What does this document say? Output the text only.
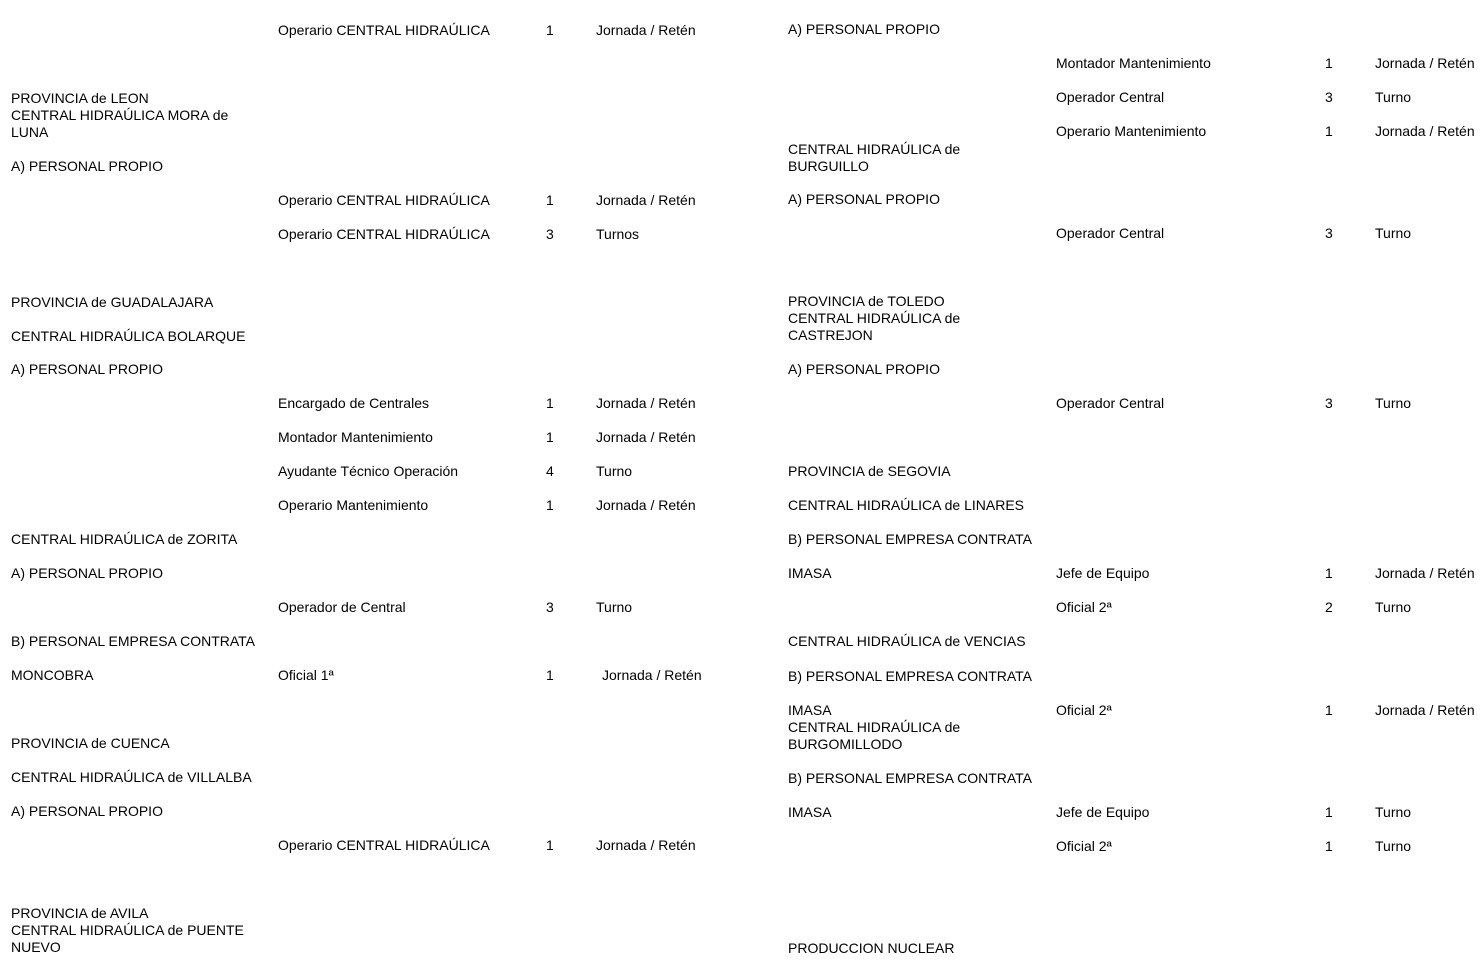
Operario CENTRAL HIDRAÚLICA	1	Jornada / Retén

PROVINCIA de LEON
CENTRAL HIDRAÚLICA MORA de
LUNA

A) PERSONAL PROPIO

Operario CENTRAL HIDRAÚLICA	1	Jornada / Retén

Operario CENTRAL HIDRAÚLICA	3	Turnos

PROVINCIA de GUADALAJARA

CENTRAL HIDRAÚLICA BOLARQUE

A) PERSONAL PROPIO

Encargado de Centrales	1	Jornada / Retén

Montador Mantenimiento	1	Jornada / Retén

Ayudante Técnico Operación	4	Turno

Operario Mantenimiento	1	Jornada / Retén

CENTRAL HIDRAÚLICA de ZORITA

A) PERSONAL PROPIO

Operador de Central	3	Turno

B) PERSONAL EMPRESA CONTRATA

MONCOBRA	Oficial 1ª	1	Jornada / Retén

PROVINCIA de CUENCA

CENTRAL HIDRAÚLICA de VILLALBA

A) PERSONAL PROPIO

Operario CENTRAL HIDRAÚLICA	1	Jornada / Retén

PROVINCIA de AVILA
CENTRAL HIDRAÚLICA de PUENTE
NUEVO

A) PERSONAL PROPIO

Montador Mantenimiento	1	Jornada / Retén

Operador Central	3	Turno

Operario Mantenimiento	1	Jornada / Retén

CENTRAL HIDRAÚLICA de
BURGUILLO

A) PERSONAL PROPIO

Operador Central	3	Turno

PROVINCIA de TOLEDO
CENTRAL HIDRAÚLICA de
CASTREJON

A) PERSONAL PROPIO

Operador Central	3	Turno

PROVINCIA de SEGOVIA

CENTRAL HIDRAÚLICA de LINARES

B) PERSONAL EMPRESA CONTRATA

IMASA	Jefe de Equipo	1	Jornada / Retén

Oficial 2ª	2	Turno

CENTRAL HIDRAÚLICA de VENCIAS

B) PERSONAL EMPRESA CONTRATA

IMASA
CENTRAL HIDRAÚLICA de
BURGOMILLODO

Oficial 2ª	1	Jornada / Retén

B) PERSONAL EMPRESA CONTRATA

IMASA	Jefe de Equipo	1	Turno

Oficial 2ª	1	Turno

PRODUCCION NUCLEAR
